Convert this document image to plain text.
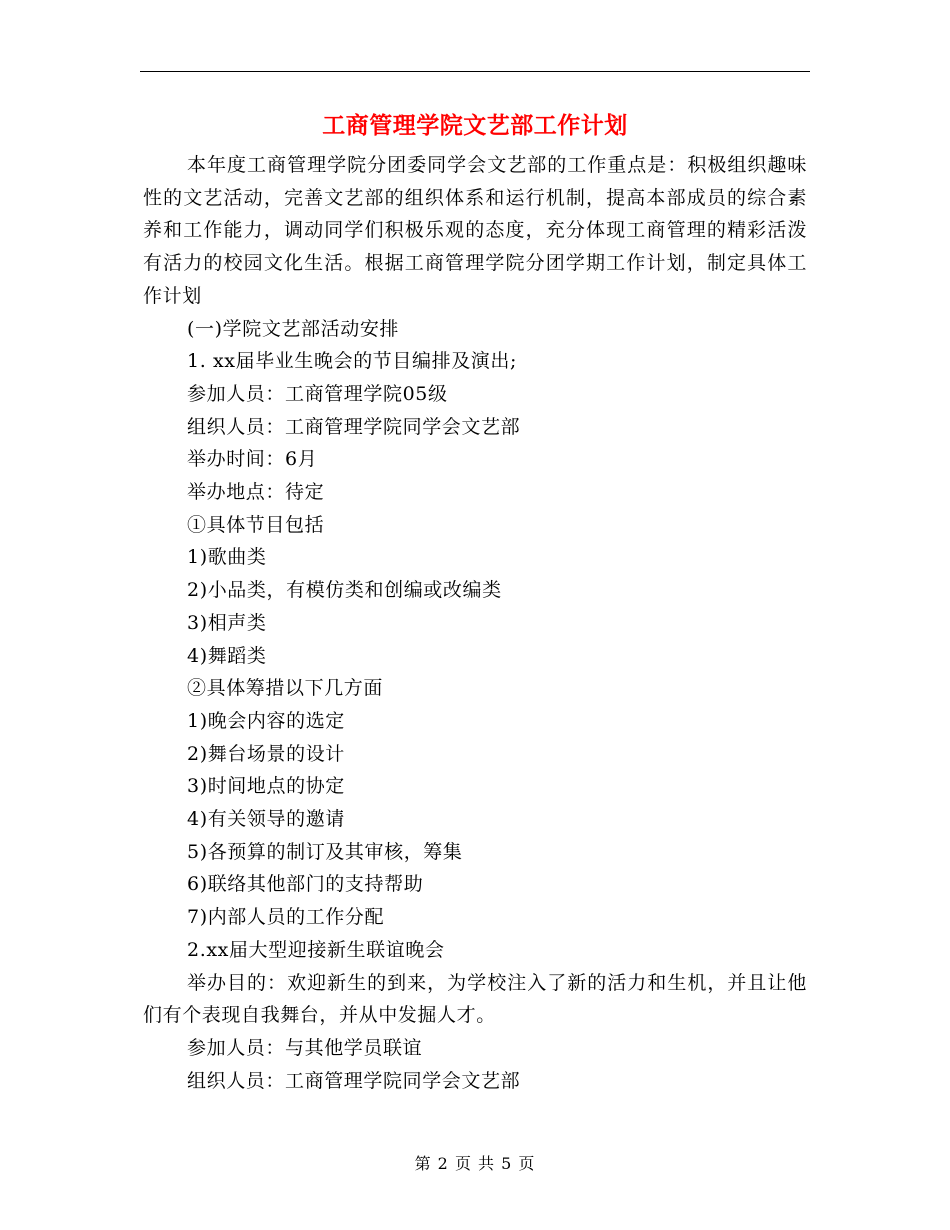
工商管理学院文艺部工作计划

本年度工商管理学院分团委同学会文艺部的工作重点是：积极组织趣味性的文艺活动，完善文艺部的组织体系和运行机制，提高本部成员的综合素养和工作能力，调动同学们积极乐观的态度，充分体现工商管理的精彩活泼有活力的校园文化生活。根据工商管理学院分团学期工作计划，制定具体工作计划

(一)学院文艺部活动安排

1. xx届毕业生晚会的节目编排及演出;

参加人员：工商管理学院05级

组织人员：工商管理学院同学会文艺部

举办时间：6月

举办地点：待定

①具体节目包括

1)歌曲类

2)小品类，有模仿类和创编或改编类

3)相声类

4)舞蹈类

②具体筹措以下几方面

1)晚会内容的选定

2)舞台场景的设计

3)时间地点的协定

4)有关领导的邀请

5)各预算的制订及其审核，筹集

6)联络其他部门的支持帮助

7)内部人员的工作分配

2.xx届大型迎接新生联谊晚会

举办目的：欢迎新生的到来，为学校注入了新的活力和生机，并且让他们有个表现自我舞台，并从中发掘人才。

参加人员：与其他学员联谊

组织人员：工商管理学院同学会文艺部

第 2 页 共 5 页
